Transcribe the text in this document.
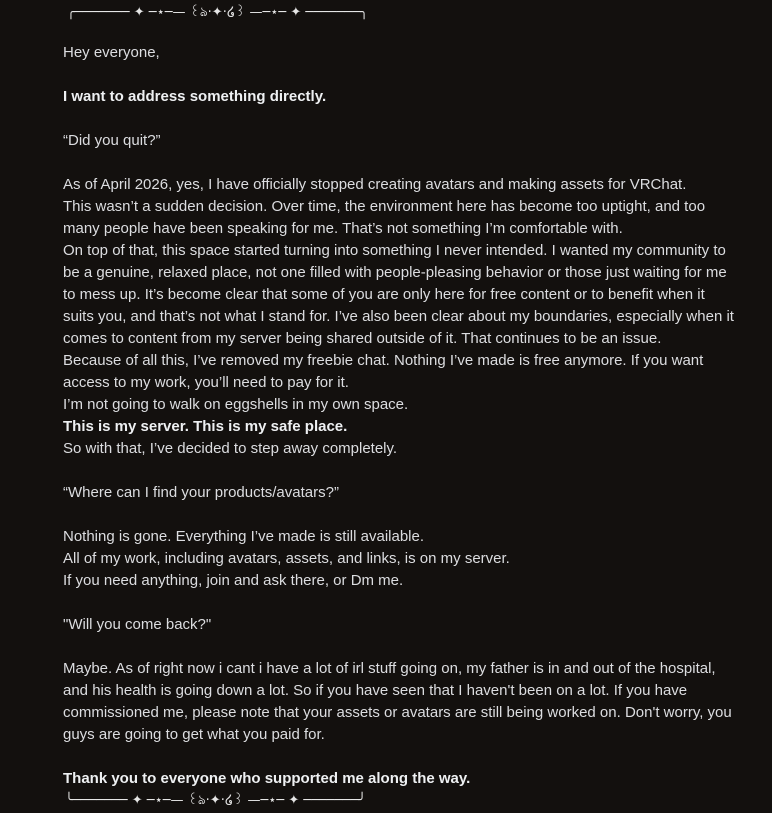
╭─────── ✦ ─⋆─— ꒰ঌ·✦·໒꒱ —─⋆─ ✦ ───────╮
Hey everyone,
I want to address something directly.
“Did you quit?”
As of April 2026, yes, I have officially stopped creating avatars and making assets for VRChat.
This wasn’t a sudden decision. Over time, the environment here has become too uptight, and too
many people have been speaking for me. That’s not something I’m comfortable with.
On top of that, this space started turning into something I never intended. I wanted my community to
be a genuine, relaxed place, not one filled with people-pleasing behavior or those just waiting for me
to mess up. It’s become clear that some of you are only here for free content or to benefit when it
suits you, and that’s not what I stand for. I’ve also been clear about my boundaries, especially when it
comes to content from my server being shared outside of it. That continues to be an issue.
Because of all this, I’ve removed my freebie chat. Nothing I’ve made is free anymore. If you want
access to my work, you’ll need to pay for it.
I’m not going to walk on eggshells in my own space.
This is my server. This is my safe place.
So with that, I’ve decided to step away completely.
“Where can I find your products/avatars?”
Nothing is gone. Everything I’ve made is still available.
All of my work, including avatars, assets, and links, is on my server.
If you need anything, join and ask there, or Dm me.
"Will you come back?"
Maybe. As of right now i cant i have a lot of irl stuff going on, my father is in and out of the hospital,
and his health is going down a lot. So if you have seen that I haven't been on a lot. If you have
commissioned me, please note that your assets or avatars are still being worked on. Don't worry, you
guys are going to get what you paid for.
Thank you to everyone who supported me along the way.
╰─────── ✦ ─⋆─— ꒰ঌ·✦·໒꒱ —─⋆─ ✦ ───────╯
